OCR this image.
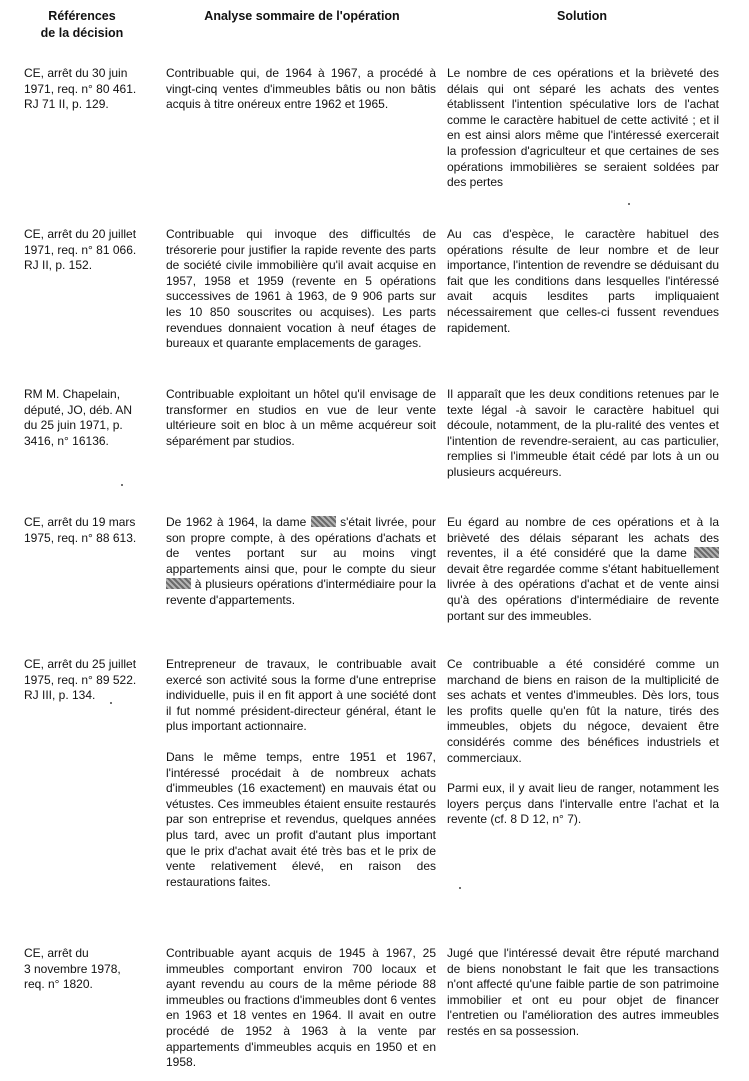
Références
de la décision
Analyse sommaire de l'opération	Solution

CE, arrêt du 30 juin
1971, req. n° 80 461.
RJ 71 II, p. 129.

Contribuable qui, de 1964 à 1967, a procédé à vingt-cinq ventes d'immeubles bâtis ou non bâtis acquis à titre onéreux entre 1962 et 1965.

Le nombre de ces opérations et la brièveté des délais qui ont séparé les achats des ventes établissent l'intention spéculative lors de l'achat comme le caractère habituel de cette activité ; et il en est ainsi alors même que l'intéressé exercerait la profession d'agriculteur et que certaines de ses opérations immobilières se seraient soldées par des pertes

CE, arrêt du 20 juillet
1971, req. n° 81 066.
RJ II, p. 152.

Contribuable qui invoque des difficultés de trésorerie pour justifier la rapide revente des parts de société civile immobilière qu'il avait acquise en 1957, 1958 et 1959 (revente en 5 opérations successives de 1961 à 1963, de 9 906 parts sur les 10 850 souscrites ou acquises). Les parts revendues donnaient vocation à neuf étages de bureaux et quarante emplacements de garages.

Au cas d'espèce, le caractère habituel des opérations résulte de leur nombre et de leur importance, l'intention de revendre se déduisant du fait que les conditions dans lesquelles l'intéressé avait acquis lesdites parts impliquaient nécessairement que celles-ci fussent revendues rapidement.

RM M. Chapelain,
député, JO, déb. AN
du 25 juin 1971, p.
3416, n° 16136.

Contribuable exploitant un hôtel qu'il envisage de transformer en studios en vue de leur vente ultérieure soit en bloc à un même acquéreur soit séparément par studios.

Il apparaît que les deux conditions retenues par le texte légal -à savoir le caractère habituel qui découle, notamment, de la plu-ralité des ventes et l'intention de revendre-seraient, au cas particulier, remplies si l'immeuble était cédé par lots à un ou plusieurs acquéreurs.

CE, arrêt du 19 mars
1975, req. n° 88 613.

De 1962 à 1964, la dame  s'était livrée, pour son propre compte, à des opérations d'achats et de ventes portant sur au moins vingt appartements ainsi que, pour le compte du sieur  à plusieurs opérations d'intermédiaire pour la revente d'appartements.

Eu égard au nombre de ces opérations et à la brièveté des délais séparant les achats des reventes, il a été considéré que la dame  devait être regardée comme s'étant habituellement livrée à des opérations d'achat et de vente ainsi qu'à des opérations d'intermédiaire de revente portant sur des immeubles.

CE, arrêt du 25 juillet
1975, req. n° 89 522.
RJ III, p. 134.

Entrepreneur de travaux, le contribuable avait exercé son activité sous la forme d'une entreprise individuelle, puis il en fit apport à une société dont il fut nommé président-directeur général, étant le plus important actionnaire.

Dans le même temps, entre 1951 et 1967, l'intéressé procédait à de nombreux achats d'immeubles (16 exactement) en mauvais état ou vétustes. Ces immeubles étaient ensuite restaurés par son entreprise et revendus, quelques années plus tard, avec un profit d'autant plus important que le prix d'achat avait été très bas et le prix de vente relativement élevé, en raison des restaurations faites.

Ce contribuable a été considéré comme un marchand de biens en raison de la multiplicité de ses achats et ventes d'immeubles. Dès lors, tous les profits quelle qu'en fût la nature, tirés des immeubles, objets du négoce, devaient être considérés comme des bénéfices industriels et commerciaux.

Parmi eux, il y avait lieu de ranger, notamment les loyers perçus dans l'intervalle entre l'achat et la revente (cf. 8 D 12, n° 7).

CE, arrêt du
3 novembre 1978,
req. n° 1820.

Contribuable ayant acquis de 1945 à 1967, 25 immeubles comportant environ 700 locaux et ayant revendu au cours de la même période 88 immeubles ou fractions d'immeubles dont 6 ventes en 1963 et 18 ventes en 1964. Il avait en outre procédé de 1952 à 1963 à la vente par appartements d'immeubles acquis en 1950 et en 1958.

Jugé que l'intéressé devait être réputé marchand de biens nonobstant le fait que les transactions n'ont affecté qu'une faible partie de son patrimoine immobilier et ont eu pour objet de financer l'entretien ou l'amélioration des autres immeubles restés en sa possession.
